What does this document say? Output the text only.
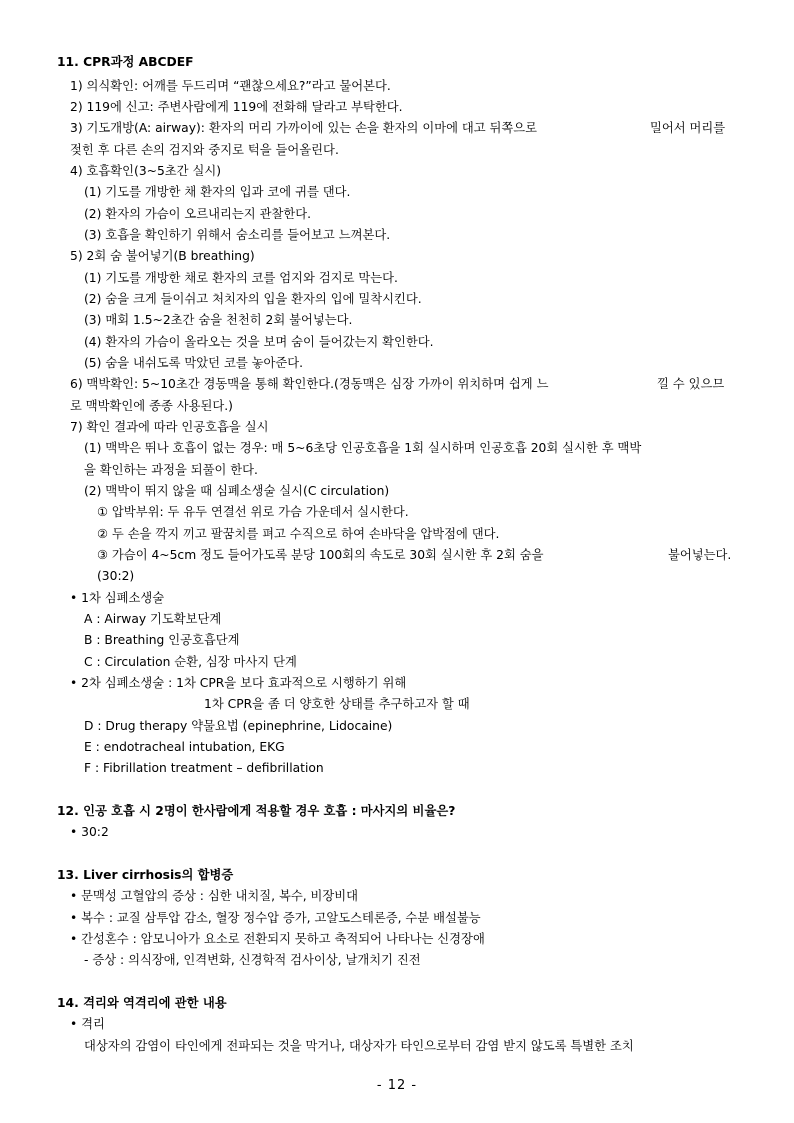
11. CPR과정 ABCDEF
1) 의식확인: 어깨를 두드리며 “괜찮으세요?”라고 물어본다.
2) 119에 신고: 주변사람에게 119에 전화해 달라고 부탁한다.
3) 기도개방(A: airway): 환자의 머리 가까이에 있는 손을 환자의 이마에 대고 뒤쪽으로	밀어서 머리를
젖힌 후 다른 손의 검지와 중지로 턱을 들어올린다.
4) 호흡확인(3~5초간 실시)
(1) 기도를 개방한 채 환자의 입과 코에 귀를 댄다.
(2) 환자의 가슴이 오르내리는지 관찰한다.
(3) 호흡을 확인하기 위해서 숨소리를 들어보고 느껴본다.
5) 2회 숨 불어넣기(B breathing)
(1) 기도를 개방한 채로 환자의 코를 엄지와 검지로 막는다.
(2) 숨을 크게 들이쉬고 처치자의 입을 환자의 입에 밀착시킨다.
(3) 매회 1.5~2초간 숨을 천천히 2회 불어넣는다.
(4) 환자의 가슴이 올라오는 것을 보며 숨이 들어갔는지 확인한다.
(5) 숨을 내쉬도록 막았던 코를 놓아준다.
6) 맥박확인: 5~10초간 경동맥을 통해 확인한다.(경동맥은 심장 가까이 위치하며 쉽게 느	낄 수 있으므
로 맥박확인에 종종 사용된다.)
7) 확인 결과에 따라 인공호흡을 실시
(1) 맥박은 뛰나 호흡이 없는 경우: 매 5~6초당 인공호흡을 1회 실시하며 인공호흡 20회 실시한 후 맥박
을 확인하는 과정을 되풀이 한다.
(2) 맥박이 뛰지 않을 때 심폐소생술 실시(C circulation)
① 압박부위: 두 유두 연결선 위로 가슴 가운데서 실시한다.
② 두 손을 깍지 끼고 팔꿈치를 펴고 수직으로 하여 손바닥을 압박점에 댄다.
③ 가슴이 4~5cm 정도 들어가도록 분당 100회의 속도로 30회 실시한 후 2회 숨을	불어넣는다.
(30:2)
• 1차 심폐소생술
A : Airway 기도확보단계
B : Breathing 인공호흡단계
C : Circulation 순환, 심장 마사지 단계
• 2차 심폐소생술 : 1차 CPR을 보다 효과적으로 시행하기 위해
1차 CPR을 좀 더 양호한 상태를 추구하고자 할 때
D : Drug therapy 약물요법 (epinephrine, Lidocaine)
E : endotracheal intubation, EKG
F : Fibrillation treatment – defibrillation
12. 인공 호흡 시 2명이 한사람에게 적용할 경우 호흡 : 마사지의 비율은?
• 30:2
13. Liver cirrhosis의 합병증
• 문맥성 고혈압의 증상 : 심한 내치질, 복수, 비장비대
• 복수 : 교질 삼투압 감소, 혈장 정수압 증가, 고알도스테론증, 수분 배설불능
• 간성혼수 : 암모니아가 요소로 전환되지 못하고 축적되어 나타나는 신경장애
- 증상 : 의식장애, 인격변화, 신경학적 검사이상, 날개치기 진전
14. 격리와 역격리에 관한 내용
• 격리
대상자의 감염이 타인에게 전파되는 것을 막거나, 대상자가 타인으로부터 감염 받지 않도록 특별한 조치
- 12 -
